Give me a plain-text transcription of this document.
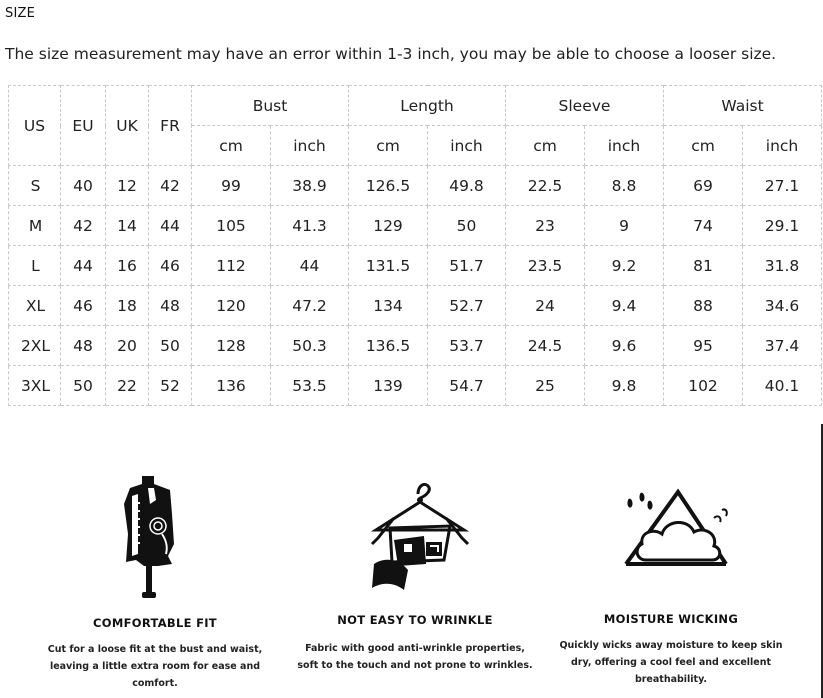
SIZE
The size measurement may have an error within 1-3 inch, you may be able to choose a looser size.
US	EU	UK	FR	Bust		Length		Sleeve		Waist	
				cm	inch	cm	inch	cm	inch	cm	inch
S	40	12	42	99	38.9	126.5	49.8	22.5	8.8	69	27.1
M	42	14	44	105	41.3	129	50	23	9	74	29.1
L	44	16	46	112	44	131.5	51.7	23.5	9.2	81	31.8
XL	46	18	48	120	47.2	134	52.7	24	9.4	88	34.6
2XL	48	20	50	128	50.3	136.5	53.7	24.5	9.6	95	37.4
3XL	50	22	52	136	53.5	139	54.7	25	9.8	102	40.1
COMFORTABLE FIT
Cut for a loose fit at the bust and waist,
leaving a little extra room for ease and
comfort.
NOT EASY TO WRINKLE
Fabric with good anti-wrinkle properties,
soft to the touch and not prone to wrinkles.
MOISTURE WICKING
Quickly wicks away moisture to keep skin
dry, offering a cool feel and excellent
breathability.
